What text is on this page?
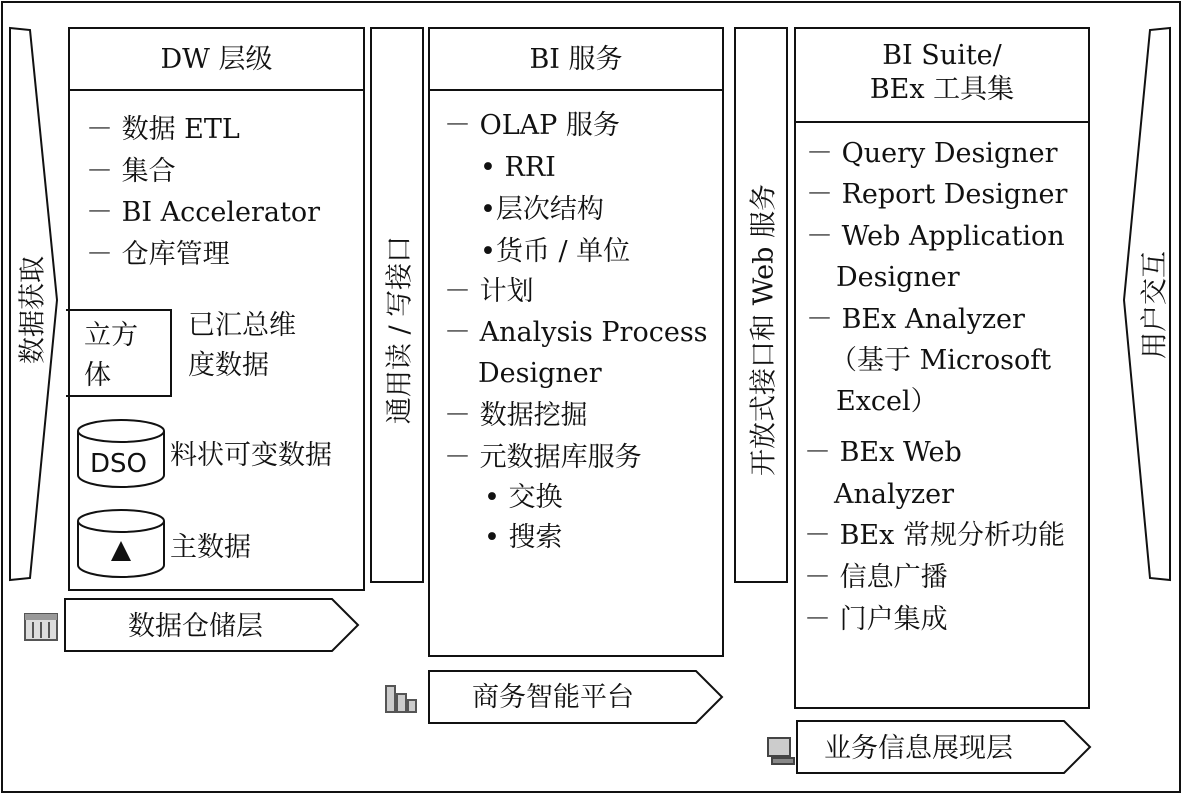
数据获取	用户交互
DW 层级
－ 数据 ETL
－ 集合
－ BI Accelerator
－ 仓库管理
立方
体
已汇总维
度数据
DSO 料状可变数据
主数据
通用读 / 写接口
BI 服务
－ OLAP 服务
• RRI
•层次结构
•货币 / 单位
－ 计划
－ Analysis Process
Designer
－ 数据挖掘
－ 元数据库服务
• 交换
• 搜索
开放式接口和 Web 服务
BI Suite/
BEx 工具集
－ Query Designer
－ Report Designer
－ Web Application
Designer
－ BEx Analyzer
（基于 Microsoft
Excel）
－ BEx Web
Analyzer
－ BEx 常规分析功能
－ 信息广播
－ 门户集成
数据仓储层
商务智能平台
业务信息展现层
